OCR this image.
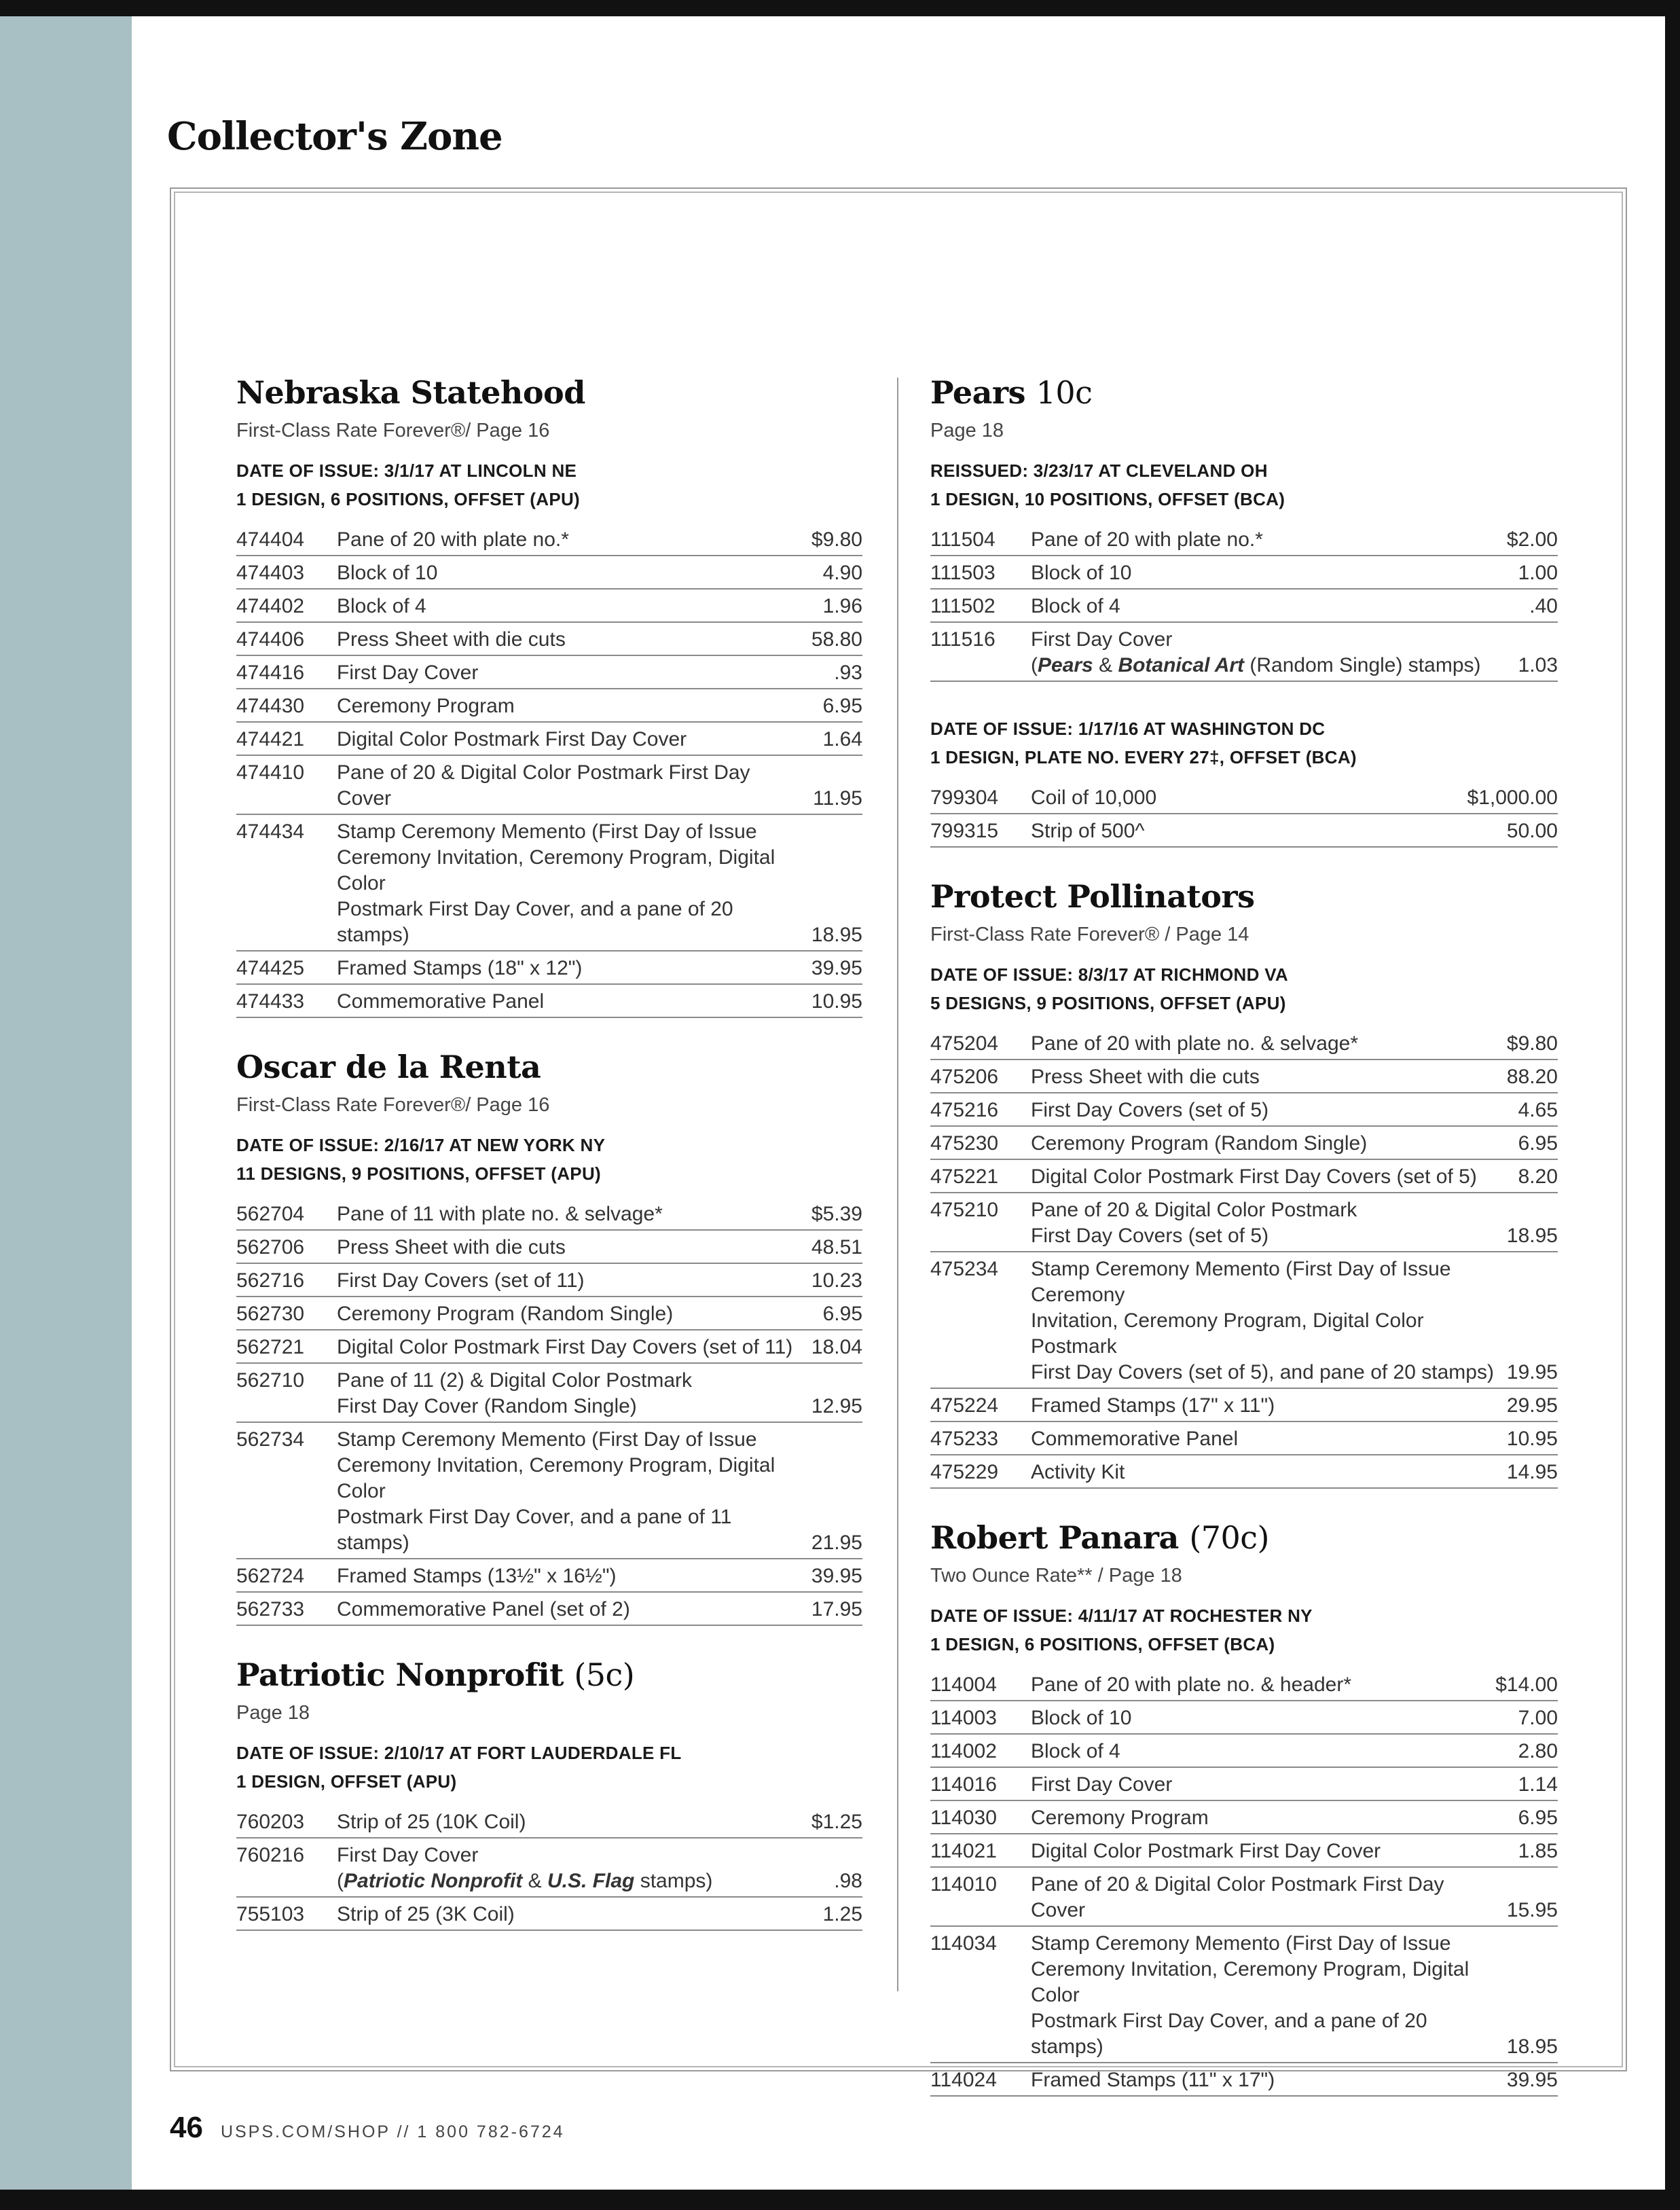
Collector's Zone
Nebraska Statehood
First-Class Rate Forever®/ Page 16
DATE OF ISSUE: 3/1/17 AT LINCOLN NE
1 DESIGN, 6 POSITIONS, OFFSET (APU)
474404	Pane of 20 with plate no.*	$9.80
474403	Block of 10	4.90
474402	Block of 4	1.96
474406	Press Sheet with die cuts	58.80
474416	First Day Cover	.93
474430	Ceremony Program	6.95
474421	Digital Color Postmark First Day Cover	1.64
474410	Pane of 20 & Digital Color Postmark First Day Cover	11.95
474434	Stamp Ceremony Memento (First Day of Issue
Ceremony Invitation, Ceremony Program, Digital Color
Postmark First Day Cover, and a pane of 20 stamps)	18.95
474425	Framed Stamps (18" x 12")	39.95
474433	Commemorative Panel	10.95
Oscar de la Renta
First-Class Rate Forever®/ Page 16
DATE OF ISSUE: 2/16/17 AT NEW YORK NY
11 DESIGNS, 9 POSITIONS, OFFSET (APU)
562704	Pane of 11 with plate no. & selvage*	$5.39
562706	Press Sheet with die cuts	48.51
562716	First Day Covers (set of 11)	10.23
562730	Ceremony Program (Random Single)	6.95
562721	Digital Color Postmark First Day Covers (set of 11) 18.04
562710	Pane of 11 (2) & Digital Color Postmark
First Day Cover (Random Single)	12.95
562734	Stamp Ceremony Memento (First Day of Issue
Ceremony Invitation, Ceremony Program, Digital Color
Postmark First Day Cover, and a pane of 11 stamps)	21.95
562724	Framed Stamps (13½" x 16½")	39.95
562733	Commemorative Panel (set of 2)	17.95
Patriotic Nonprofit (5c)
Page 18
DATE OF ISSUE: 2/10/17 AT FORT LAUDERDALE FL
1 DESIGN, OFFSET (APU)
760203	Strip of 25 (10K Coil)	$1.25
760216	First Day Cover
(Patriotic Nonprofit & U.S. Flag stamps)	.98
755103	Strip of 25 (3K Coil)	1.25
Pears 10c
Page 18
REISSUED: 3/23/17 AT CLEVELAND OH
1 DESIGN, 10 POSITIONS, OFFSET (BCA)
111504	Pane of 20 with plate no.*	$2.00
111503	Block of 10	1.00
111502	Block of 4	.40
111516	First Day Cover
(Pears & Botanical Art (Random Single) stamps)	1.03
DATE OF ISSUE: 1/17/16 AT WASHINGTON DC
1 DESIGN, PLATE NO. EVERY 27‡, OFFSET (BCA)
799304	Coil of 10,000	$1,000.00
799315	Strip of 500^	50.00
Protect Pollinators
First-Class Rate Forever® / Page 14
DATE OF ISSUE: 8/3/17 AT RICHMOND VA
5 DESIGNS, 9 POSITIONS, OFFSET (APU)
475204	Pane of 20 with plate no. & selvage*	$9.80
475206	Press Sheet with die cuts	88.20
475216	First Day Covers (set of 5)	4.65
475230	Ceremony Program (Random Single)	6.95
475221	Digital Color Postmark First Day Covers (set of 5)	8.20
475210	Pane of 20 & Digital Color Postmark
First Day Covers (set of 5)	18.95
475234	Stamp Ceremony Memento (First Day of Issue Ceremony
Invitation, Ceremony Program, Digital Color Postmark
First Day Covers (set of 5), and pane of 20 stamps) 19.95
475224	Framed Stamps (17" x 11")	29.95
475233	Commemorative Panel	10.95
475229	Activity Kit	14.95
Robert Panara (70c)
Two Ounce Rate** / Page 18
DATE OF ISSUE: 4/11/17 AT ROCHESTER NY
1 DESIGN, 6 POSITIONS, OFFSET (BCA)
114004	Pane of 20 with plate no. & header*	$14.00
114003	Block of 10	7.00
114002	Block of 4	2.80
114016	First Day Cover	1.14
114030	Ceremony Program	6.95
114021	Digital Color Postmark First Day Cover	1.85
114010	Pane of 20 & Digital Color Postmark First Day Cover	15.95
114034	Stamp Ceremony Memento (First Day of Issue
Ceremony Invitation, Ceremony Program, Digital Color
Postmark First Day Cover, and a pane of 20 stamps)	18.95
114024	Framed Stamps (11" x 17")	39.95
46 USPS.COM/SHOP // 1 800 782-6724
